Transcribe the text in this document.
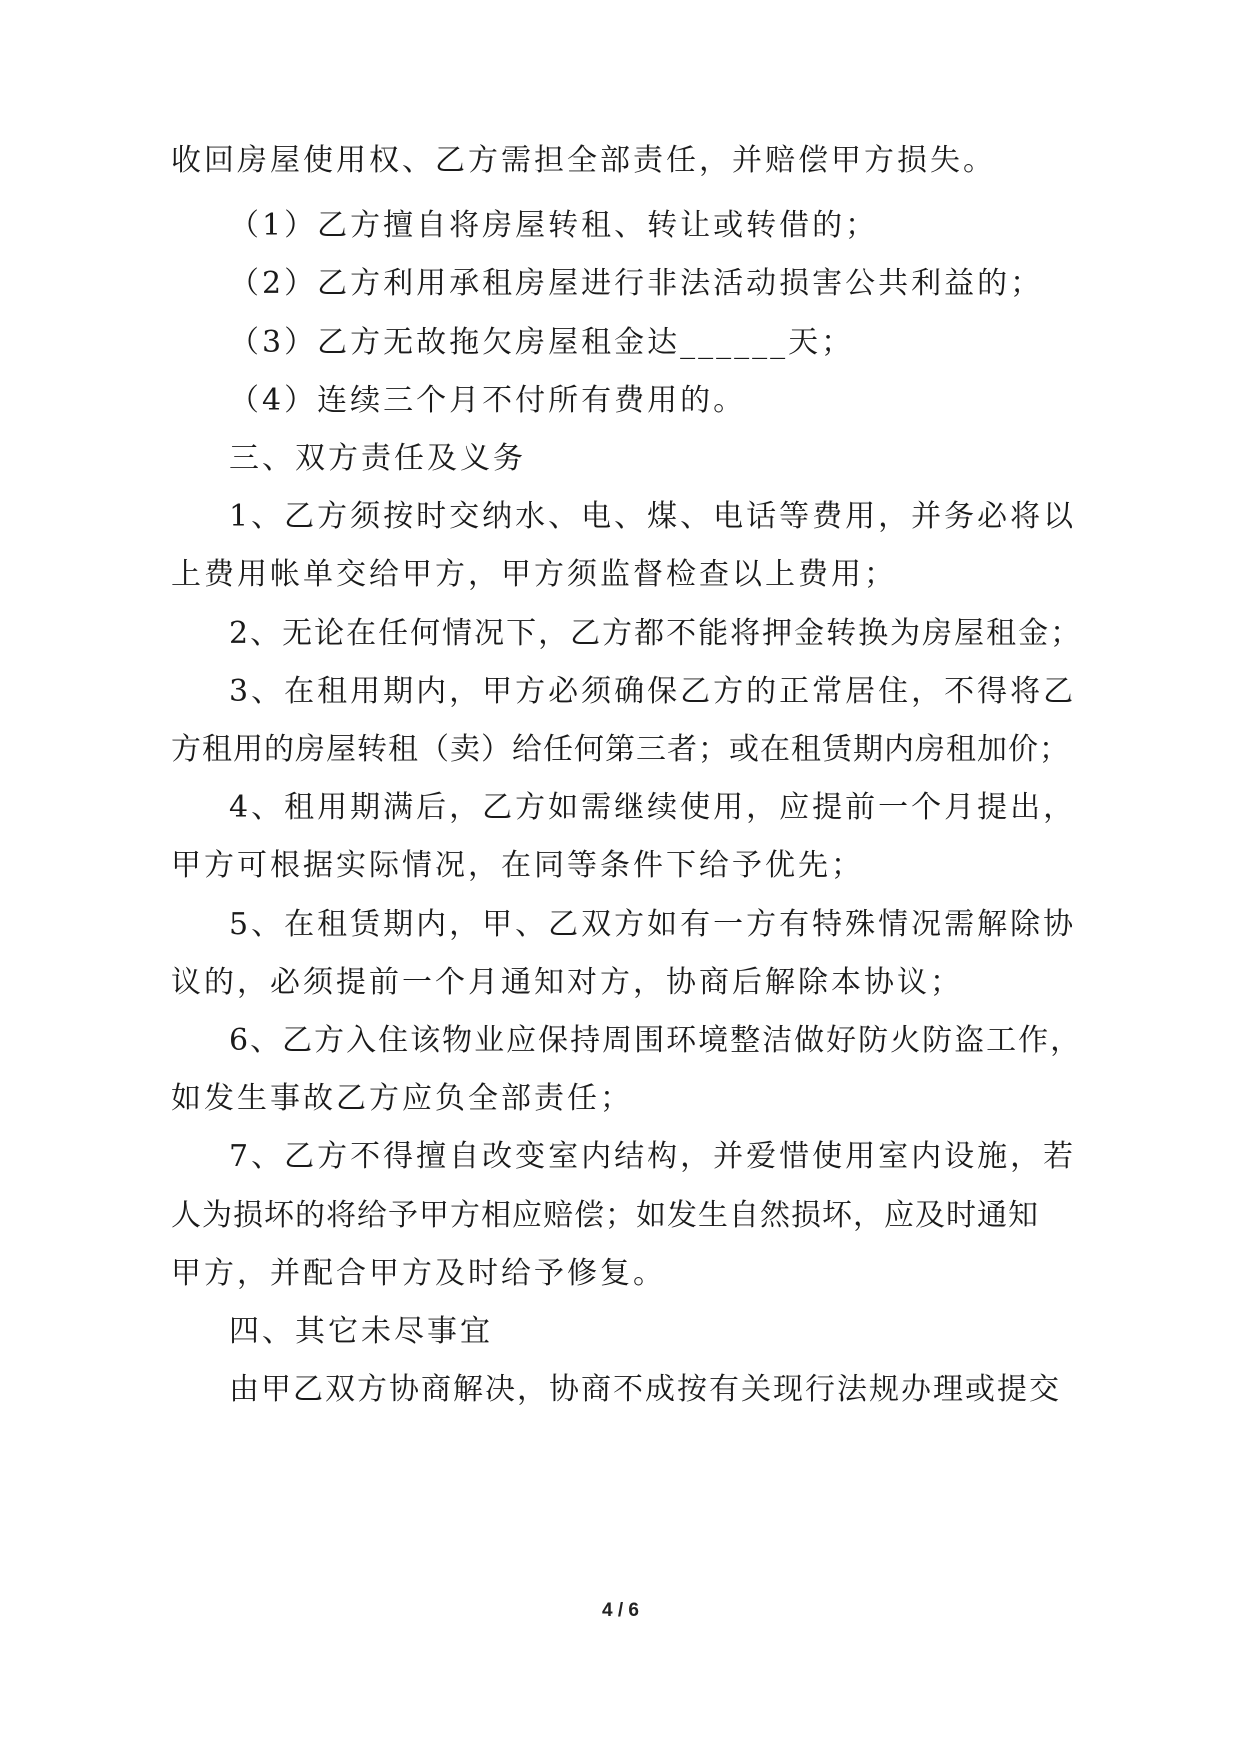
收回房屋使用权、乙方需担全部责任，并赔偿甲方损失。
（1）乙方擅自将房屋转租、转让或转借的；
（2）乙方利用承租房屋进行非法活动损害公共利益的；
（3）乙方无故拖欠房屋租金达______天；
（4）连续三个月不付所有费用的。
三、双方责任及义务
1、乙方须按时交纳水、电、煤、电话等费用，并务必将以
上费用帐单交给甲方，甲方须监督检查以上费用；
2、无论在任何情况下，乙方都不能将押金转换为房屋租金；
3、在租用期内，甲方必须确保乙方的正常居住，不得将乙
方租用的房屋转租（卖）给任何第三者；或在租赁期内房租加价；
4、租用期满后，乙方如需继续使用，应提前一个月提出，
甲方可根据实际情况，在同等条件下给予优先；
5、在租赁期内，甲、乙双方如有一方有特殊情况需解除协
议的，必须提前一个月通知对方，协商后解除本协议；
6、乙方入住该物业应保持周围环境整洁做好防火防盗工作，
如发生事故乙方应负全部责任；
7、乙方不得擅自改变室内结构，并爱惜使用室内设施，若
人为损坏的将给予甲方相应赔偿；如发生自然损坏，应及时通知
甲方，并配合甲方及时给予修复。
四、其它未尽事宜
由甲乙双方协商解决，协商不成按有关现行法规办理或提交
4 / 6
